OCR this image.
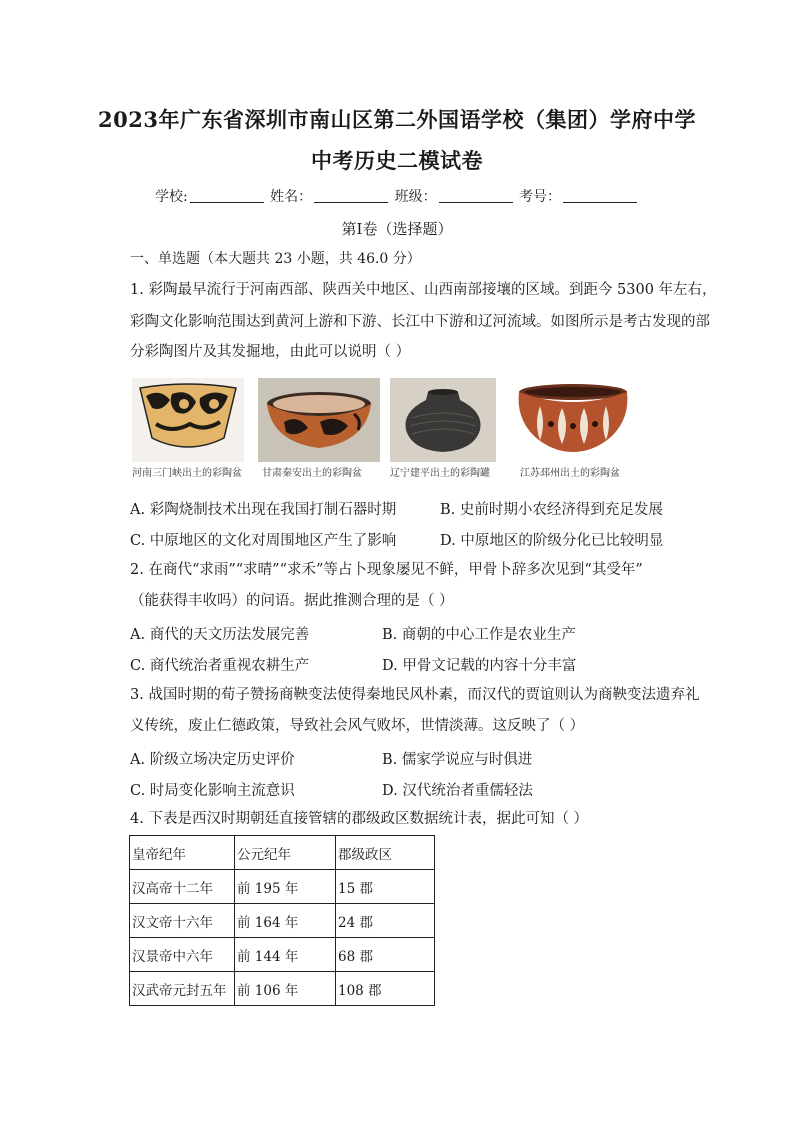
2023年广东省深圳市南山区第二外国语学校（集团）学府中学
中考历史二模试卷
学校:	姓名：	班级：	考号：
第Ⅰ卷（选择题）
一、单选题（本大题共 23 小题，共 46.0 分）
1. 彩陶最早流行于河南西部、陕西关中地区、山西南部接壤的区域。到距今 5300 年左右，
彩陶文化影响范围达到黄河上游和下游、长江中下游和辽河流域。如图所示是考古发现的部
分彩陶图片及其发掘地，由此可以说明（ ）
河南三门峡出土的彩陶盆 甘肃秦安出土的彩陶盆	辽宁建平出土的彩陶罐	江苏邳州出土的彩陶盆
A. 彩陶烧制技术出现在我国打制石器时期	B. 史前时期小农经济得到充足发展
C. 中原地区的文化对周围地区产生了影响	D. 中原地区的阶级分化已比较明显
2. 在商代“求雨”“求晴”“求禾”等占卜现象屡见不鲜，甲骨卜辞多次见到“其受年”
（能获得丰收吗）的问语。据此推测合理的是（ ）
A. 商代的天文历法发展完善	B. 商朝的中心工作是农业生产
C. 商代统治者重视农耕生产	D. 甲骨文记载的内容十分丰富
3. 战国时期的荀子赞扬商鞅变法使得秦地民风朴素，而汉代的贾谊则认为商鞅变法遗弃礼
义传统，废止仁德政策，导致社会风气败坏，世情淡薄。这反映了（ ）
A. 阶级立场决定历史评价	B. 儒家学说应与时俱进
C. 时局变化影响主流意识	D. 汉代统治者重儒轻法
4. 下表是西汉时期朝廷直接管辖的郡级政区数据统计表，据此可知（ ）
皇帝纪年	公元纪年	郡级政区
汉高帝十二年	前 195 年	15 郡
汉文帝十六年	前 164 年	24 郡
汉景帝中六年	前 144 年	68 郡
汉武帝元封五年	前 106 年	108 郡
